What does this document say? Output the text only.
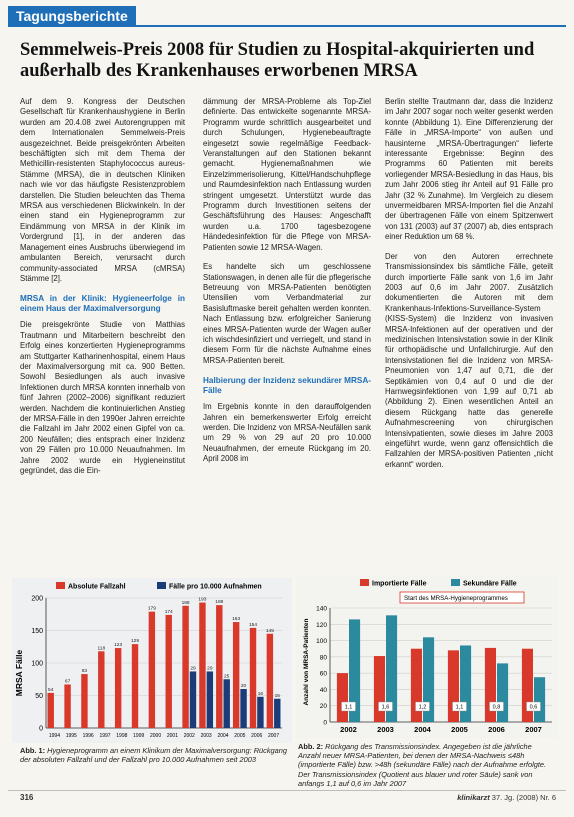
Tagungsberichte
Semmelweis-Preis 2008 für Studien zu Hospital-akquirierten und außerhalb des Krankenhauses erworbenen MRSA

Auf dem 9. Kongress der Deutschen Gesellschaft für Krankenhaushygiene in Berlin wurden am 20.4.08 zwei Autorengruppen mit dem Internationalen Semmelweis-Preis ausgezeichnet. Beide preisgekrönten Arbeiten beschäftigten sich mit dem Thema der Methicillin-resistenten Staphylococcus aureus-Stämme (MRSA), die in deutschen Kliniken nach wie vor das häufigste Resistenzproblem darstellen. Die Studien beleuchten das Thema MRSA aus verschiedenen Blickwinkeln. In der einen stand ein Hygieneprogramm zur Eindämmung von MRSA in der Klinik im Vordergrund [1], in der anderen das Management eines Ausbruchs überwiegend im ambulanten Bereich, verursacht durch community-associated MRSA (cMRSA) Stämme [2].

MRSA in der Klinik: Hygieneerfolge in einem Haus der Maximalversorgung

Die preisgekrönte Studie von Matthias Trautmann und Mitarbeitern beschreibt den Erfolg eines konzertierten Hygieneprogramms am Stuttgarter Katharinenhospital, einem Haus der Maximalversorgung mit ca. 900 Betten. Sowohl Besiedlungen als auch invasive Infektionen durch MRSA konnten innerhalb von fünf Jahren (2002–2006) signifikant reduziert werden. Nachdem die kontinuierlichen Anstieg der MRSA-Fälle in den 1990er Jahren erreichte die Fallzahl im Jahr 2002 einen Gipfel von ca. 200 Neufällen; dies entsprach einer Inzidenz von 29 Fällen pro 10.000 Neuaufnahmen. Im Jahre 2002 wurde ein Hygieneinstitut gegründet, das die Ein-

dämmung der MRSA-Probleme als Top-Ziel definierte. Das entwickelte sogenannte MRSA-Programm wurde schrittlich ausgearbeitet und durch Schulungen, Hygienebeauftragte eingesetzt sowie regelmäßige Feedback-Veranstaltungen auf den Stationen bekannt gemacht. Hygienemaßnahmen wie Einzelzimmerisolierung, Kittel/Handschuhpflege und Raumdesinfektion nach Entlassung wurden stringent umgesetzt. Unterstützt wurde das Programm durch Investitionen seitens der Geschäftsführung des Hauses: Angeschafft wurden u.a. 1700 tagesbezogene Händedesinfektion für die Pflege von MRSA-Patienten sowie 12 MRSA-Wagen.

Es handelte sich um geschlossene Stationswagen, in denen alle für die pflegerische Betreuung von MRSA-Patienten benötigten Utensilien vom Verbandmaterial zur Basisluftmaske bereit gehalten werden konnten. Nach Entlassung bzw. erfolgreicher Sanierung eines MRSA-Patienten wurde der Wagen außer ich wischdesinfiziert und verriegelt, und stand in diesem Form für die nächste Aufnahme eines MRSA-Patienten bereit.

Halbierung der Inzidenz sekundärer MRSA-Fälle

Im Ergebnis konnte in den darauffolgenden Jahren ein bemerkenswerter Erfolg erreicht werden. Die Inzidenz von MRSA-Neufällen sank um 29 % von 29 auf 20 pro 10.000 Neuaufnahmen, der erneute Rückgang im 20. April 2008 im

Berlin stellte Trautmann dar, dass die Inzidenz im Jahr 2007 sogar noch weiter gesenkt werden konnte (Abbildung 1). Eine Differenzierung der Fälle in „MRSA-Importe“ von außen und hausinterne „MRSA-Übertragungen“ lieferte interessante Ergebnisse: Beginn des Programms 60 Patienten mit bereits vorliegender MRSA-Besiedlung in das Haus, bis zum Jahr 2006 stieg ihr Anteil auf 91 Fälle pro Jahr (32 % Zunahme). Im Vergleich zu diesem unvermeidbaren MRSA-Importen fiel die Anzahl der übertragenen Fälle von einem Spitzenwert von 131 (2003) auf 37 (2007) ab, dies entsprach einer Reduktion um 68 %.

Der von den Autoren errechnete Transmissionsindex bis sämtliche Fälle, geteilt durch importierte Fälle sank von 1,6 im Jahr 2003 auf 0,6 im Jahr 2007. Zusätzlich dokumentierten die Autoren mit dem Krankenhaus-Infektions-Surveillance-System (KISS-System) die Inzidenz von invasiven MRSA-Infektionen auf der operativen und der medizinischen Intensivstation sowie in der Klinik für orthopädische und Unfallchirurgie. Auf den Intensivstationen fiel die Inzidenz von MRSA-Pneumonien von 1,47 auf 0,71, die der Septikämien von 0,4 auf 0 und die der Harnwegsinfektionen von 1,99 auf 0,71 ab (Abbildung 2). Einen wesentlichen Anteil an diesem Rückgang hatte das generelle Aufnahmescreening von chirurgischen Intensivpatienten, sowie dieses im Jahre 2003 eingeführt wurde, wenn ganz offensichtlich die Fallzahlen der MRSA-positiven Patienten „nicht erkannt“ worden.

Absolute Fallzahl	Fälle pro 10.000 Aufnahmen
MRSA Fälle
0
50
100
150
200
54
1994
67
1995
83
1996
118
1997
123
1998
129
1999
179
2000
174
2001
188
29
2002
193
29
2003
189
25
2004
163
20
2005
154
16
2006
145
15
2007
Abb. 1: Hygieneprogramm an einem Klinikum der Maximalversorgung: Rückgang der absoluten Fallzahl und der Fallzahl pro 10.000 Aufnahmen seit 2003
Importierte Fälle	Sekundäre Fälle
Start des MRSA-Hygieneprogrammes
Anzahl von MRSA-Patienten
0
20
40
60
80
100
120
140
1,1
2002
1,6
2003
1,2
2004
1,1
2005
0,8
2006
0,6
2007
Abb. 2: Rückgang des Transmissionsindex. Angegeben ist die jährliche Anzahl neuer MRSA-Patienten, bei denen der MRSA-Nachweis ≤48h (importierte Fälle) bzw. >48h (sekundäre Fälle) nach der Aufnahme erfolgte. Der Transmissionsindex (Quotient aus blauer und roter Säule) sank von anfangs 1,1 auf 0,6 im Jahr 2007
316	klinikarzt 37. Jg. (2008) Nr. 6
